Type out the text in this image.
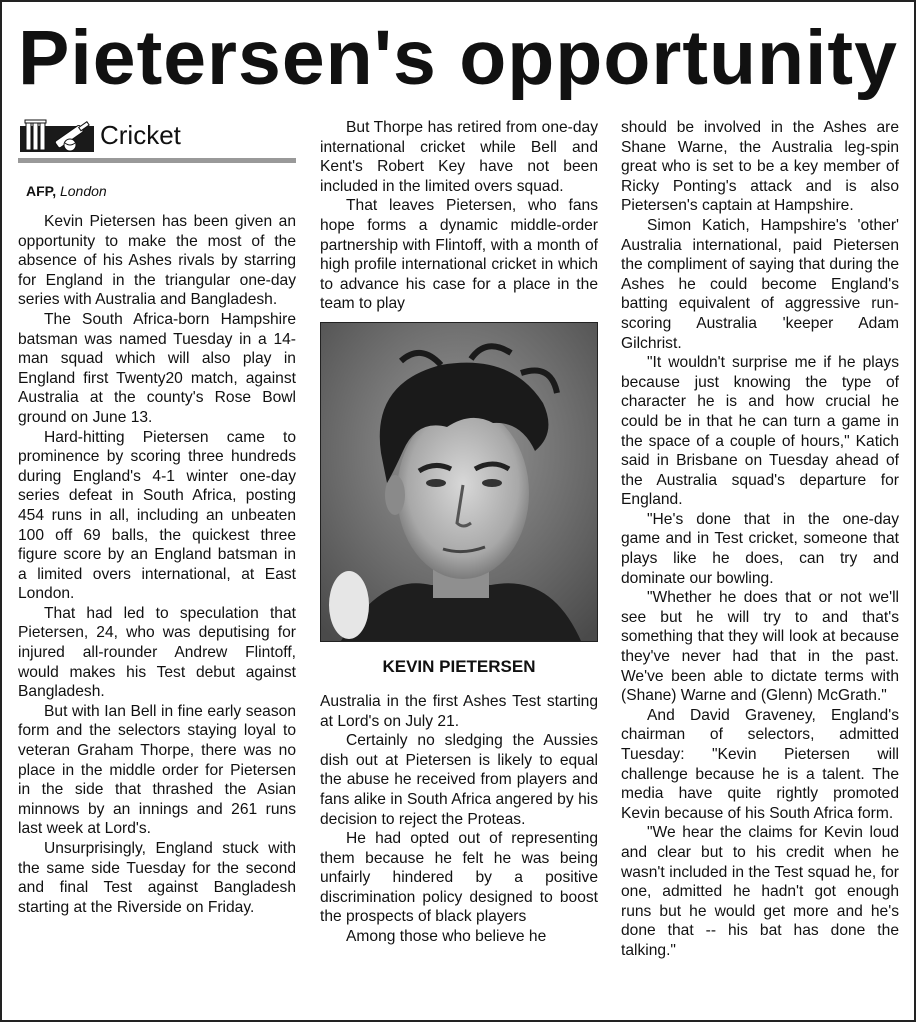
Pietersen's opportunity
Cricket
AFP, London

Kevin Pietersen has been given an opportunity to make the most of the absence of his Ashes rivals by starring for England in the triangular one-day series with Australia and Bangladesh.

The South Africa-born Hampshire batsman was named Tuesday in a 14-man squad which will also play in England first Twenty20 match, against Australia at the county's Rose Bowl ground on June 13.

Hard-hitting Pietersen came to prominence by scoring three hundreds during England's 4-1 winter one-day series defeat in South Africa, posting 454 runs in all, including an unbeaten 100 off 69 balls, the quickest three figure score by an England batsman in a limited overs international, at East London.

That had led to speculation that Pietersen, 24, who was deputising for injured all-rounder Andrew Flintoff, would makes his Test debut against Bangladesh.

But with Ian Bell in fine early season form and the selectors staying loyal to veteran Graham Thorpe, there was no place in the middle order for Pietersen in the side that thrashed the Asian minnows by an innings and 261 runs last week at Lord's.

Unsurprisingly, England stuck with the same side Tuesday for the second and final Test against Bangladesh starting at the Riverside on Friday.

But Thorpe has retired from one-day international cricket while Bell and Kent's Robert Key have not been included in the limited overs squad.

That leaves Pietersen, who fans hope forms a dynamic middle-order partnership with Flintoff, with a month of high profile international cricket in which to advance his case for a place in the team to play

KEVIN PIETERSEN

Australia in the first Ashes Test starting at Lord's on July 21.

Certainly no sledging the Aussies dish out at Pietersen is likely to equal the abuse he received from players and fans alike in South Africa angered by his decision to reject the Proteas.

He had opted out of representing them because he felt he was being unfairly hindered by a positive discrimination policy designed to boost the prospects of black players

Among those who believe he

should be involved in the Ashes are Shane Warne, the Australia leg-spin great who is set to be a key member of Ricky Ponting's attack and is also Pietersen's captain at Hampshire.

Simon Katich, Hampshire's 'other' Australia international, paid Pietersen the compliment of saying that during the Ashes he could become England's batting equivalent of aggressive run-scoring Australia 'keeper Adam Gilchrist.

"It wouldn't surprise me if he plays because just knowing the type of character he is and how crucial he could be in that he can turn a game in the space of a couple of hours," Katich said in Brisbane on Tuesday ahead of the Australia squad's departure for England.

"He's done that in the one-day game and in Test cricket, someone that plays like he does, can try and dominate our bowling.

"Whether he does that or not we'll see but he will try to and that's something that they will look at because they've never had that in the past. We've been able to dictate terms with (Shane) Warne and (Glenn) McGrath."

And David Graveney, England's chairman of selectors, admitted Tuesday: "Kevin Pietersen will challenge because he is a talent. The media have quite rightly promoted Kevin because of his South Africa form.

"We hear the claims for Kevin loud and clear but to his credit when he wasn't included in the Test squad he, for one, admitted he hadn't got enough runs but he would get more and he's done that -- his bat has done the talking."
